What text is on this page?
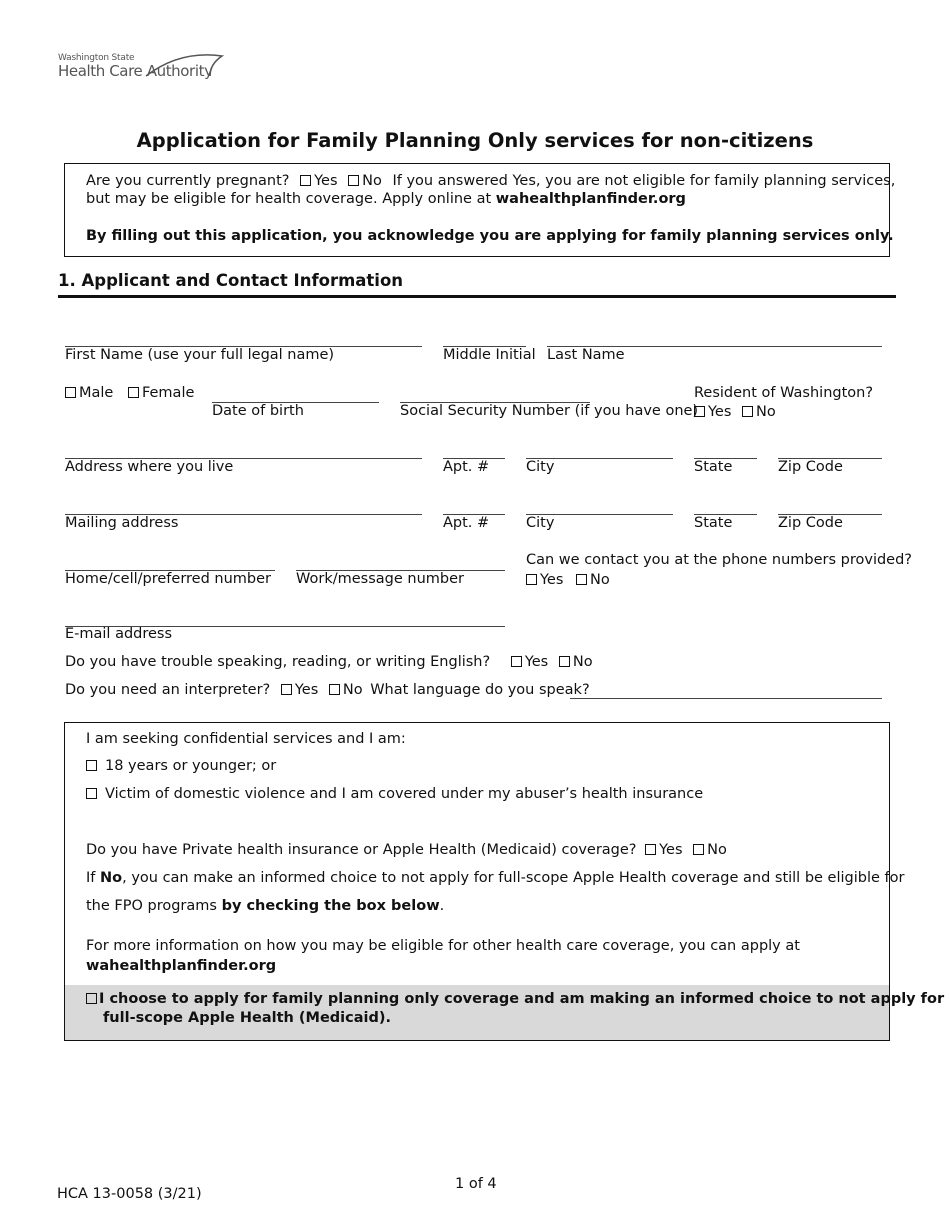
Washington State
Health Care Authority
Application for Family Planning Only services for non-citizens
Are you currently pregnant? Yes No If you answered Yes, you are not eligible for family planning services,
but may be eligible for health coverage. Apply online at wahealthplanfinder.org
By filling out this application, you acknowledge you are applying for family planning services only.
1. Applicant and Contact Information
First Name (use your full legal name)	Middle Initial Last Name
Male Female
Date of birth	Social Security Number (if you have one)
Resident of Washington?
Yes No
Address where you live	Apt. #	City	State	Zip Code
Mailing address	Apt. #	City	State	Zip Code
Home/cell/preferred number Work/message number
Can we contact you at the phone numbers provided?
Yes No
E-mail address
Do you have trouble speaking, reading, or writing English? Yes No
Do you need an interpreter? Yes No What language do you speak?
I am seeking confidential services and I am:
18 years or younger; or
Victim of domestic violence and I am covered under my abuser’s health insurance
Do you have Private health insurance or Apple Health (Medicaid) coverage? Yes No
If No, you can make an informed choice to not apply for full-scope Apple Health coverage and still be eligible for
the FPO programs by checking the box below.
For more information on how you may be eligible for other health care coverage, you can apply at
wahealthplanfinder.org
I choose to apply for family planning only coverage and am making an informed choice to not apply for
full-scope Apple Health (Medicaid).
1 of 4
HCA 13-0058 (3/21)
